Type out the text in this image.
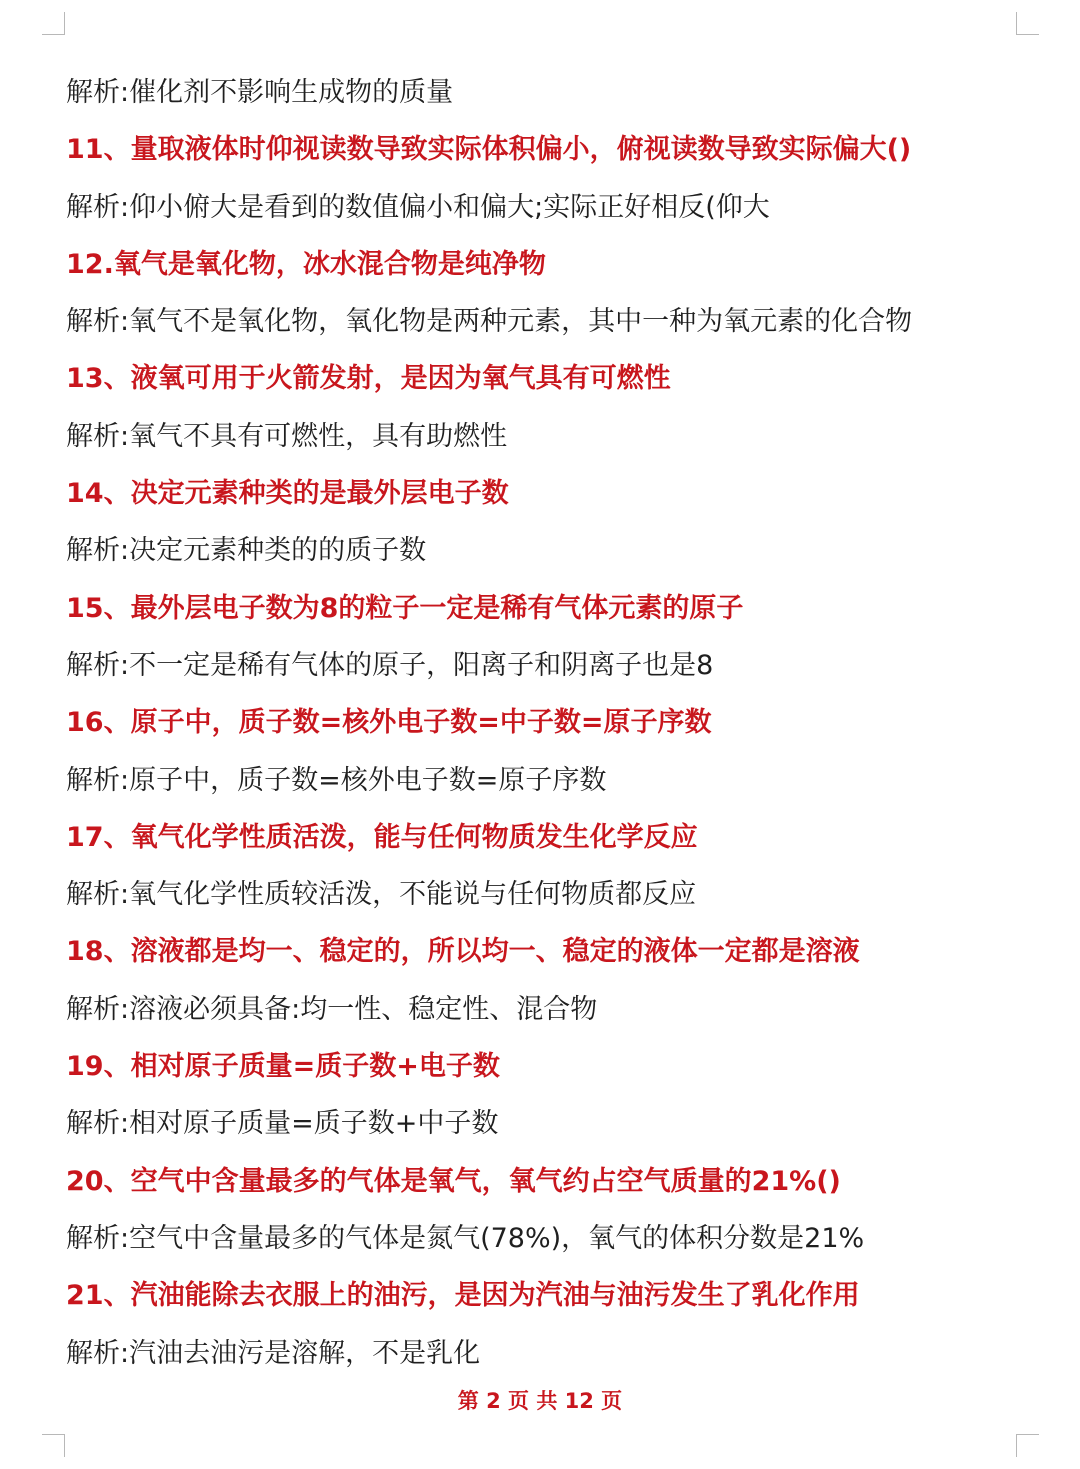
解析:催化剂不影响生成物的质量
11、量取液体时仰视读数导致实际体积偏小，俯视读数导致实际偏大()
解析:仰小俯大是看到的数值偏小和偏大;实际正好相反(仰大
12.氧气是氧化物，冰水混合物是纯净物
解析:氧气不是氧化物，氧化物是两种元素，其中一种为氧元素的化合物
13、液氧可用于火箭发射，是因为氧气具有可燃性
解析:氧气不具有可燃性，具有助燃性
14、决定元素种类的是最外层电子数
解析:决定元素种类的的质子数
15、最外层电子数为8的粒子一定是稀有气体元素的原子
解析:不一定是稀有气体的原子，阳离子和阴离子也是8
16、原子中，质子数=核外电子数=中子数=原子序数
解析:原子中，质子数=核外电子数=原子序数
17、氧气化学性质活泼，能与任何物质发生化学反应
解析:氧气化学性质较活泼，不能说与任何物质都反应
18、溶液都是均一、稳定的，所以均一、稳定的液体一定都是溶液
解析:溶液必须具备:均一性、稳定性、混合物
19、相对原子质量=质子数+电子数
解析:相对原子质量=质子数+中子数
20、空气中含量最多的气体是氧气，氧气约占空气质量的21%()
解析:空气中含量最多的气体是氮气(78%)，氧气的体积分数是21%
21、汽油能除去衣服上的油污，是因为汽油与油污发生了乳化作用
解析:汽油去油污是溶解，不是乳化
第 2 页 共 12 页
